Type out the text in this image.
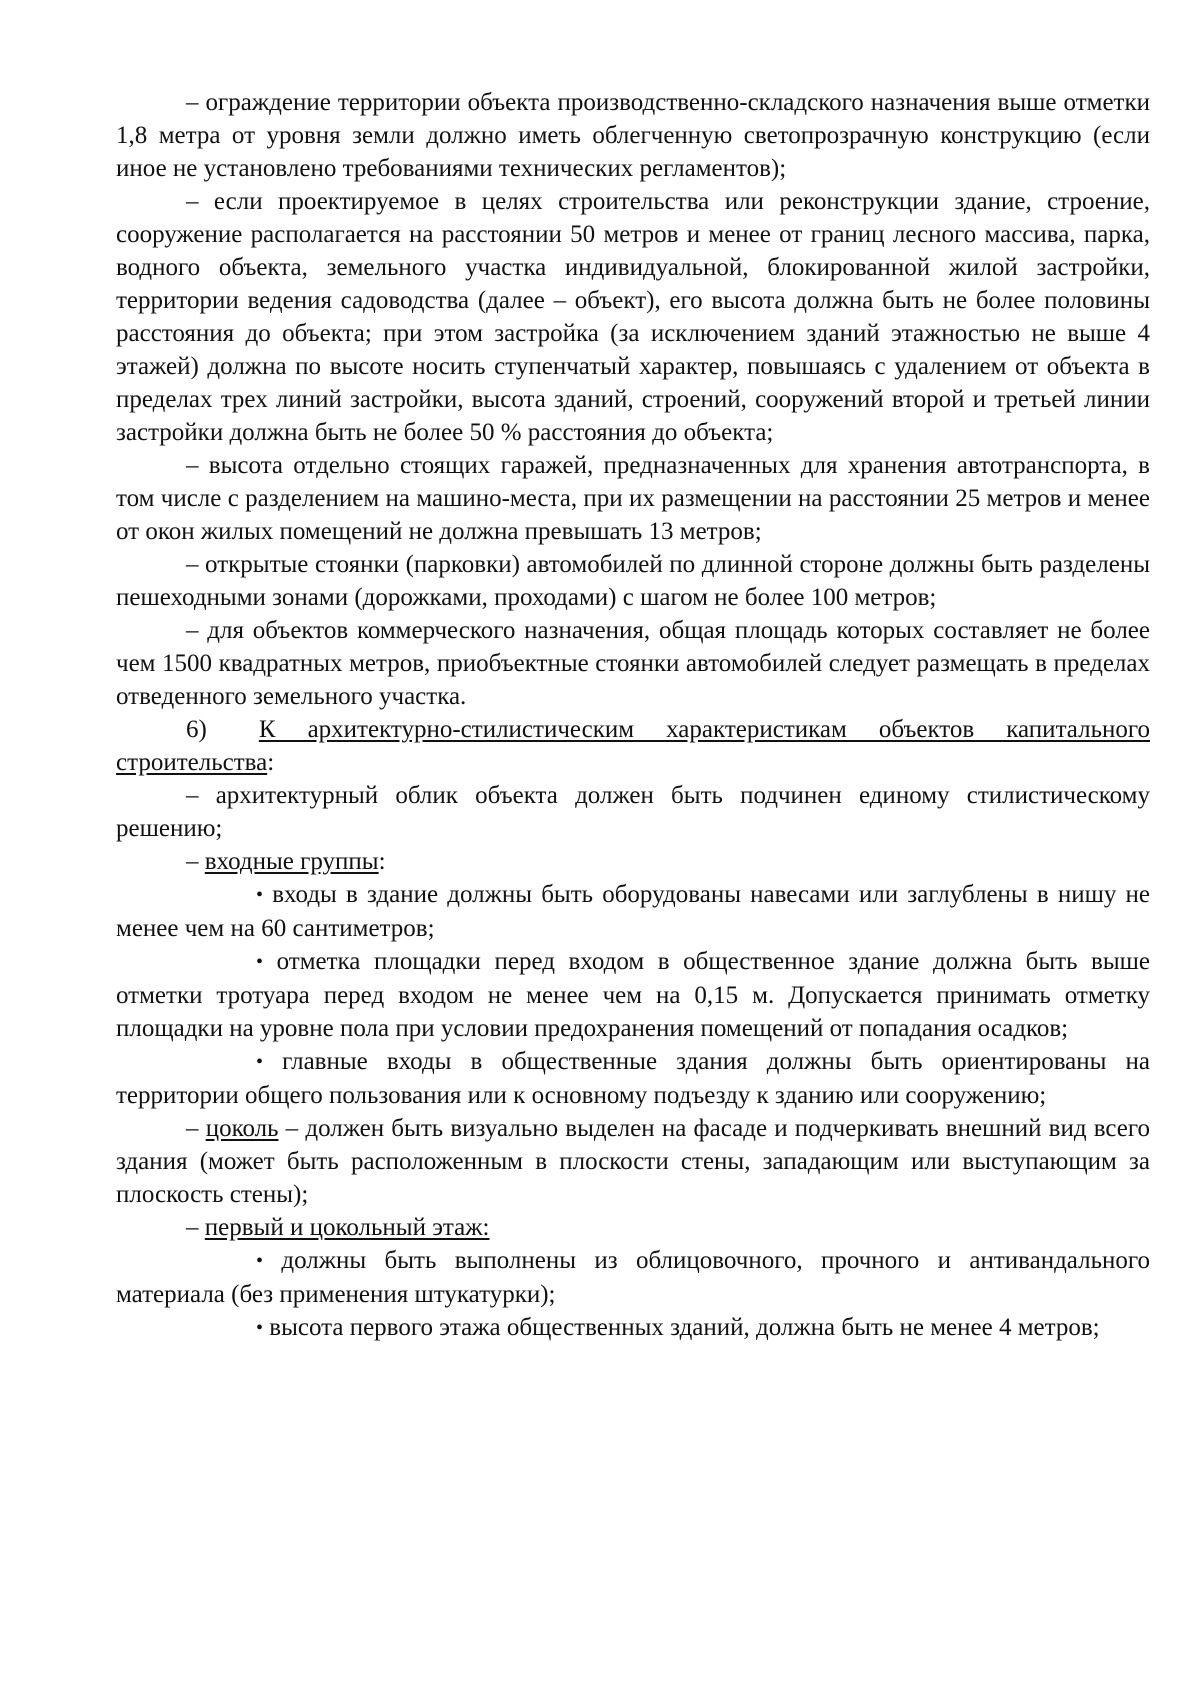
– ограждение территории объекта производственно-складского назначения выше отметки 1,8 метра от уровня земли должно иметь облегченную светопрозрачную конструкцию (если иное не установлено требованиями технических регламентов);

– если проектируемое в целях строительства или реконструкции здание, строение, сооружение располагается на расстоянии 50 метров и менее от границ лесного массива, парка, водного объекта, земельного участка индивидуальной, блокированной жилой застройки, территории ведения садоводства (далее – объект), его высота должна быть не более половины расстояния до объекта; при этом застройка (за исключением зданий этажностью не выше 4 этажей) должна по высоте носить ступенчатый характер, повышаясь с удалением от объекта в пределах трех линий застройки, высота зданий, строений, сооружений второй и третьей линии застройки должна быть не более 50 % расстояния до объекта;

– высота отдельно стоящих гаражей, предназначенных для хранения автотранспорта, в том числе с разделением на машино-места, при их размещении на расстоянии 25 метров и менее от окон жилых помещений не должна превышать 13 метров;

– открытые стоянки (парковки) автомобилей по длинной стороне должны быть разделены пешеходными зонами (дорожками, проходами) с шагом не более 100 метров;

– для объектов коммерческого назначения, общая площадь которых составляет не более чем 1500 квадратных метров, приобъектные стоянки автомобилей следует размещать в пределах отведенного земельного участка.

6) К архитектурно-стилистическим характеристикам объектов капитального строительства:

– архитектурный облик объекта должен быть подчинен единому стилистическому решению;

– входные группы:

• входы в здание должны быть оборудованы навесами или заглублены в нишу не менее чем на 60 сантиметров;

• отметка площадки перед входом в общественное здание должна быть выше отметки тротуара перед входом не менее чем на 0,15 м. Допускается принимать отметку площадки на уровне пола при условии предохранения помещений от попадания осадков;

• главные входы в общественные здания должны быть ориентированы на территории общего пользования или к основному подъезду к зданию или сооружению;

– цоколь – должен быть визуально выделен на фасаде и подчеркивать внешний вид всего здания (может быть расположенным в плоскости стены, западающим или выступающим за плоскость стены);

– первый и цокольный этаж:

• должны быть выполнены из облицовочного, прочного и антивандального материала (без применения штукатурки);

• высота первого этажа общественных зданий, должна быть не менее 4 метров;
